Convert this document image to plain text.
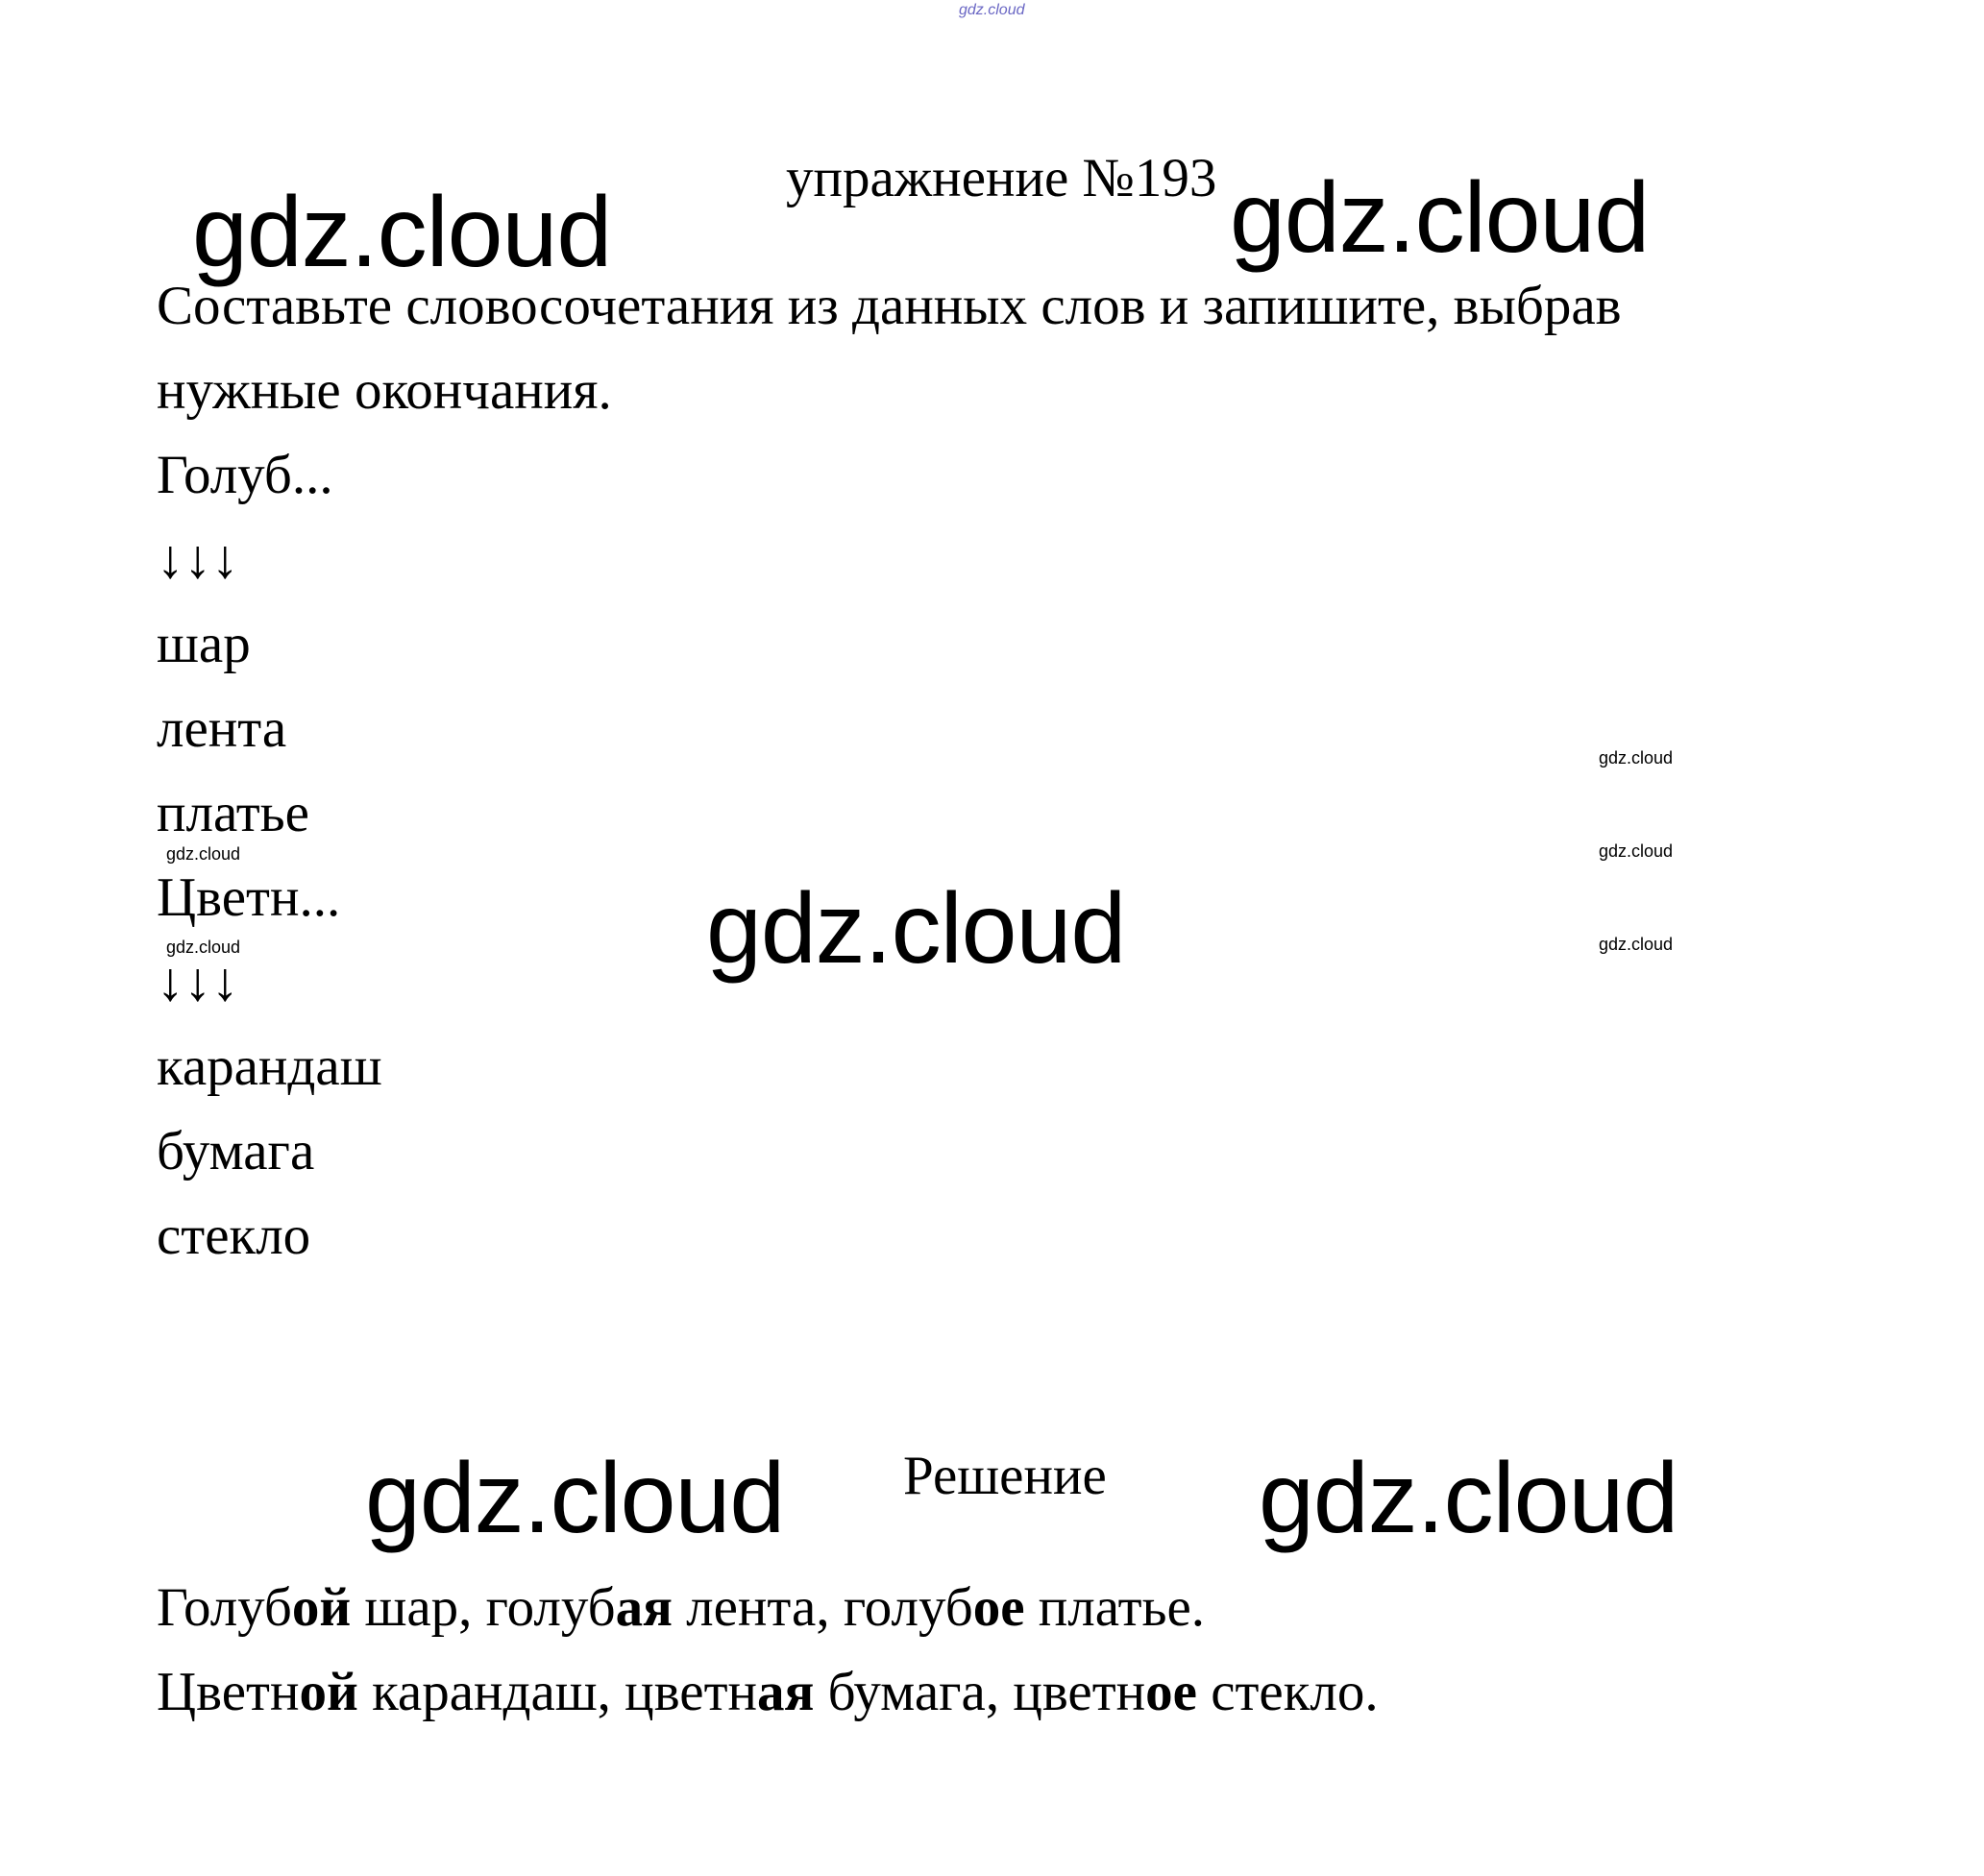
gdz.cloud
gdz.cloud	gdz.cloud
gdz.cloud
gdz.cloud	gdz.cloud
gdz.cloud
gdz.cloud
gdz.cloud
gdz.cloud
gdz.cloud
упражнение №193
Составьте словосочетания из данных слов и запишите, выбрав
нужные окончания.
Голуб...
↓↓↓
шар
лента
платье
Цветн...
↓↓↓
карандаш
бумага
стекло
Решение
Голубой шар, голубая лента, голубое платье.
Цветной карандаш, цветная бумага, цветное стекло.
